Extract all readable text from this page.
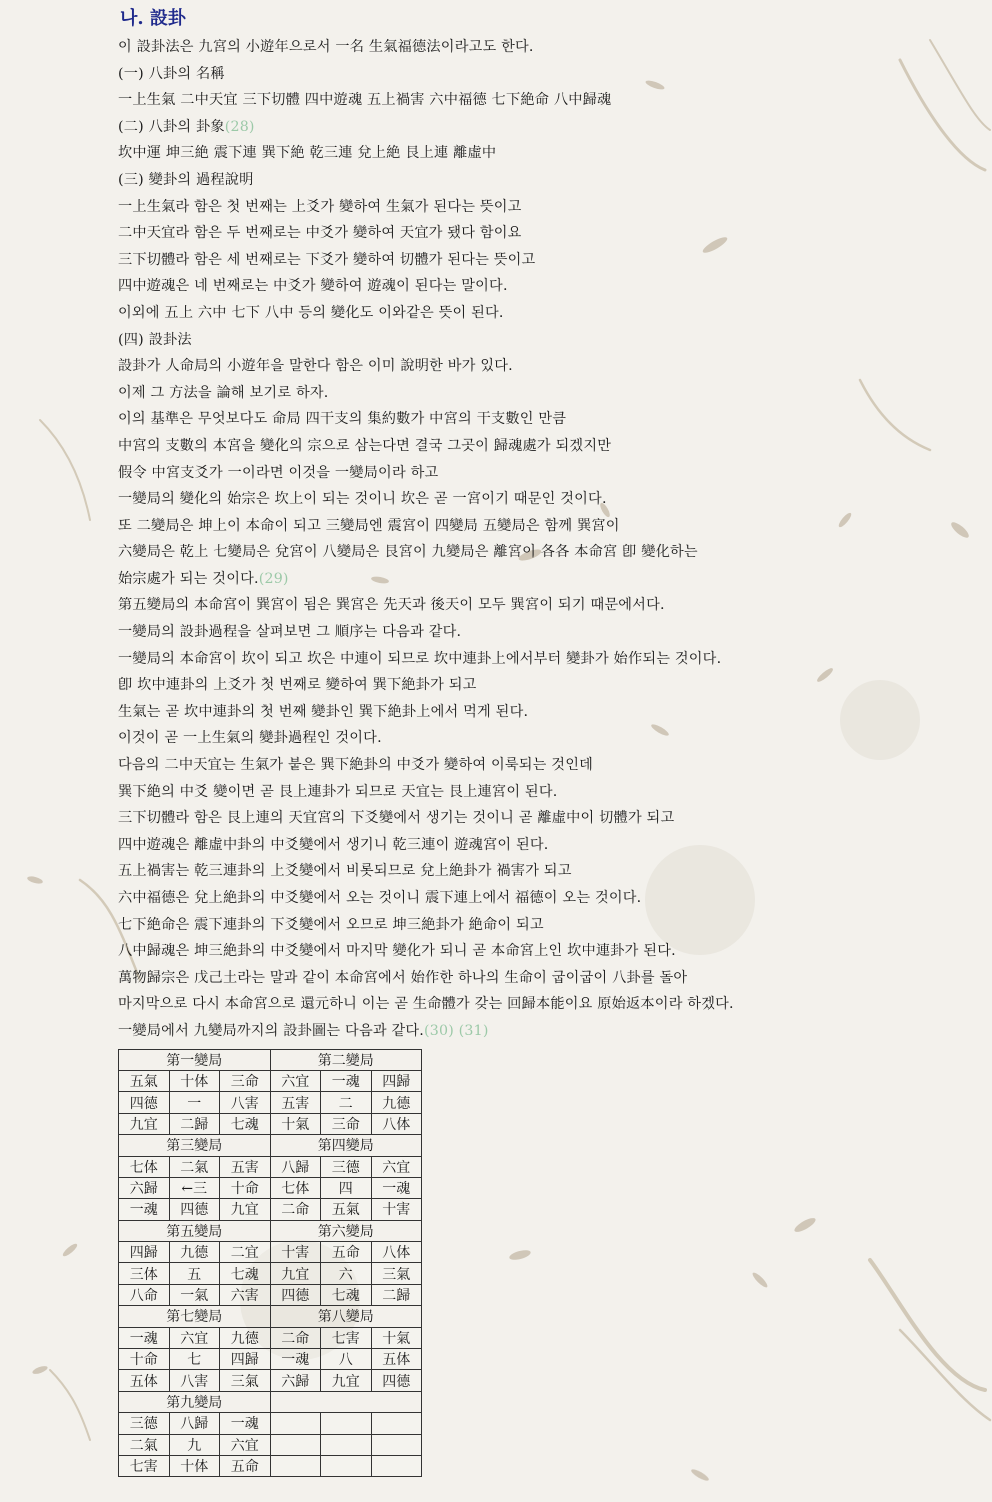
나. 設卦
이 設卦法은 九宮의 小遊年으로서 一名 生氣福德法이라고도 한다.
(一) 八卦의 名稱
一上生氣 二中天宜 三下切體 四中遊魂 五上禍害 六中福德 七下絶命 八中歸魂
(二) 八卦의 卦象(28)
坎中運 坤三絶 震下連 巽下絶 乾三連 兌上絶 艮上連 離虛中
(三) 變卦의 過程說明
一上生氣라 함은 첫 번째는 上爻가 變하여 生氣가 된다는 뜻이고
二中天宜라 함은 두 번째로는 中爻가 變하여 天宜가 됐다 함이요
三下切體라 함은 세 번째로는 下爻가 變하여 切體가 된다는 뜻이고
四中遊魂은 네 번째로는 中爻가 變하여 遊魂이 된다는 말이다.
이외에 五上 六中 七下 八中 등의 變化도 이와같은 뜻이 된다.
(四) 設卦法
設卦가 人命局의 小遊年을 말한다 함은 이미 說明한 바가 있다.
이제 그 方法을 論해 보기로 하자.
이의 基準은 무엇보다도 命局 四干支의 集約數가 中宮의 干支數인 만큼
中宮의 支數의 本宮을 變化의 宗으로 삼는다면 결국 그곳이 歸魂處가 되겠지만
假令 中宮支爻가 一이라면 이것을 一變局이라 하고
一變局의 變化의 始宗은 坎上이 되는 것이니 坎은 곧 一宮이기 때문인 것이다.
또 二變局은 坤上이 本命이 되고 三變局엔 震宮이 四變局 五變局은 함께 巽宮이
六變局은 乾上 七變局은 兌宮이 八變局은 艮宮이 九變局은 離宮이 各各 本命宮 卽 變化하는
始宗處가 되는 것이다.(29)
第五變局의 本命宮이 巽宮이 됨은 巽宮은 先天과 後天이 모두 巽宮이 되기 때문에서다.
一變局의 設卦過程을 살펴보면 그 順序는 다음과 같다.
一變局의 本命宮이 坎이 되고 坎은 中連이 되므로 坎中連卦上에서부터 變卦가 始作되는 것이다.
卽 坎中連卦의 上爻가 첫 번째로 變하여 巽下絶卦가 되고
生氣는 곧 坎中連卦의 첫 번째 變卦인 巽下絶卦上에서 먹게 된다.
이것이 곧 一上生氣의 變卦過程인 것이다.
다음의 二中天宜는 生氣가 붙은 巽下絶卦의 中爻가 變하여 이룩되는 것인데
巽下絶의 中爻 變이면 곧 艮上連卦가 되므로 天宜는 艮上連宮이 된다.
三下切體라 함은 艮上連의 天宜宮의 下爻變에서 생기는 것이니 곧 離虛中이 切體가 되고
四中遊魂은 離虛中卦의 中爻變에서 생기니 乾三連이 遊魂宮이 된다.
五上禍害는 乾三連卦의 上爻變에서 비롯되므로 兌上絶卦가 禍害가 되고
六中福德은 兌上絶卦의 中爻變에서 오는 것이니 震下連上에서 福德이 오는 것이다.
七下絶命은 震下連卦의 下爻變에서 오므로 坤三絶卦가 絶命이 되고
八中歸魂은 坤三絶卦의 中爻變에서 마지막 變化가 되니 곧 本命宮上인 坎中連卦가 된다.
萬物歸宗은 戊己土라는 말과 같이 本命宮에서 始作한 하나의 生命이 굽이굽이 八卦를 돌아
마지막으로 다시 本命宮으로 還元하니 이는 곧 生命體가 갖는 回歸本能이요 原始返本이라 하겠다.
一變局에서 九變局까지의 設卦圖는 다음과 같다.(30) (31)
第一變局			第二變局		
五氣	十体	三命	六宜	一魂	四歸
四德	一	八害	五害	二	九德
九宜	二歸	七魂	十氣	三命	八体
第三變局			第四變局		
七体	二氣	五害	八歸	三德	六宜
六歸	←三	十命	七体	四	一魂
一魂	四德	九宜	二命	五氣	十害
第五變局			第六變局		
四歸	九德	二宜	十害	五命	八体
三体	五	七魂	九宜	六	三氣
八命	一氣	六害	四德	七魂	二歸
第七變局			第八變局		
一魂	六宜	九德	二命	七害	十氣
十命	七	四歸	一魂	八	五体
五体	八害	三氣	六歸	九宜	四德
第九變局					
三德	八歸	一魂			
二氣	九	六宜			
七害	十体	五命			
